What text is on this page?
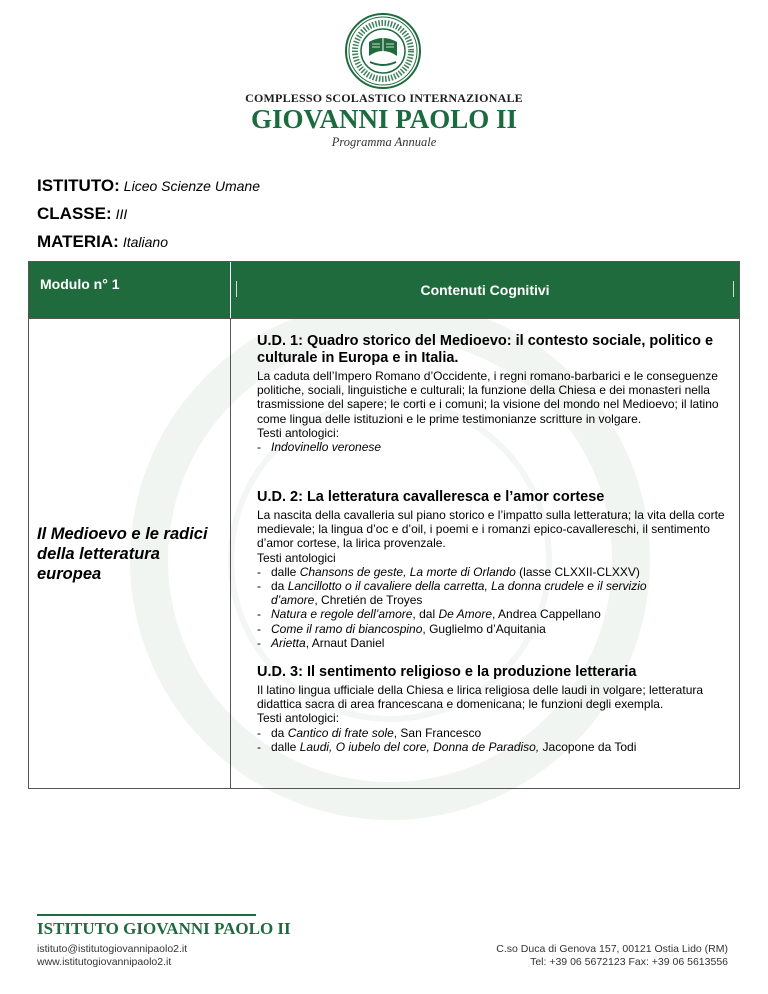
COMPLESSO SCOLASTICO INTERNAZIONALE
GIOVANNI PAOLO II
Programma Annuale
ISTITUTO: Liceo Scienze Umane
CLASSE: III
MATERIA: Italiano
Modulo n° 1	Contenuti Cognitivi
Il Medioevo e le radici della letteratura europea
U.D. 1: Quadro storico del Medioevo: il contesto sociale, politico e culturale in Europa e in Italia.

La caduta dell’Impero Romano d’Occidente, i regni romano-barbarici e le conseguenze politiche, sociali, linguistiche e culturali; la funzione della Chiesa e dei monasteri nella trasmissione del sapere; le corti e i comuni; la visione del mondo nel Medioevo; il latino come lingua delle istituzioni e le prime testimonianze scritture in volgare.

Testi antologici:

- Indovinello veronese
U.D. 2: La letteratura cavalleresca e l’amor cortese

La nascita della cavalleria sul piano storico e l’impatto sulla letteratura; la vita della corte medievale; la lingua d’oc e d’oil, i poemi e i romanzi epico-cavallereschi, il sentimento d’amor cortese, la lirica provenzale.

Testi antologici

- dalle Chansons de geste, La morte di Orlando (lasse CLXXII-CLXXV)
- da Lancillotto o il cavaliere della carretta, La donna crudele e il servizio
d’amore, Chretién de Troyes
- Natura e regole dell’amore, dal De Amore, Andrea Cappellano
- Come il ramo di biancospino, Guglielmo d’Aquitania
- Arietta, Arnaut Daniel
U.D. 3: Il sentimento religioso e la produzione letteraria

Il latino lingua ufficiale della Chiesa e lirica religiosa delle laudi in volgare; letteratura didattica sacra di area francescana e domenicana; le funzioni degli exempla.

Testi antologici:

- da Cantico di frate sole, San Francesco
- dalle Laudi, O iubelo del core, Donna de Paradiso, Jacopone da Todi
ISTITUTO GIOVANNI PAOLO II
istituto@istitutogiovannipaolo2.it
www.istitutogiovannipaolo2.it
C.so Duca di Genova 157, 00121 Ostia Lido (RM)
Tel: +39 06 5672123 Fax: +39 06 5613556
